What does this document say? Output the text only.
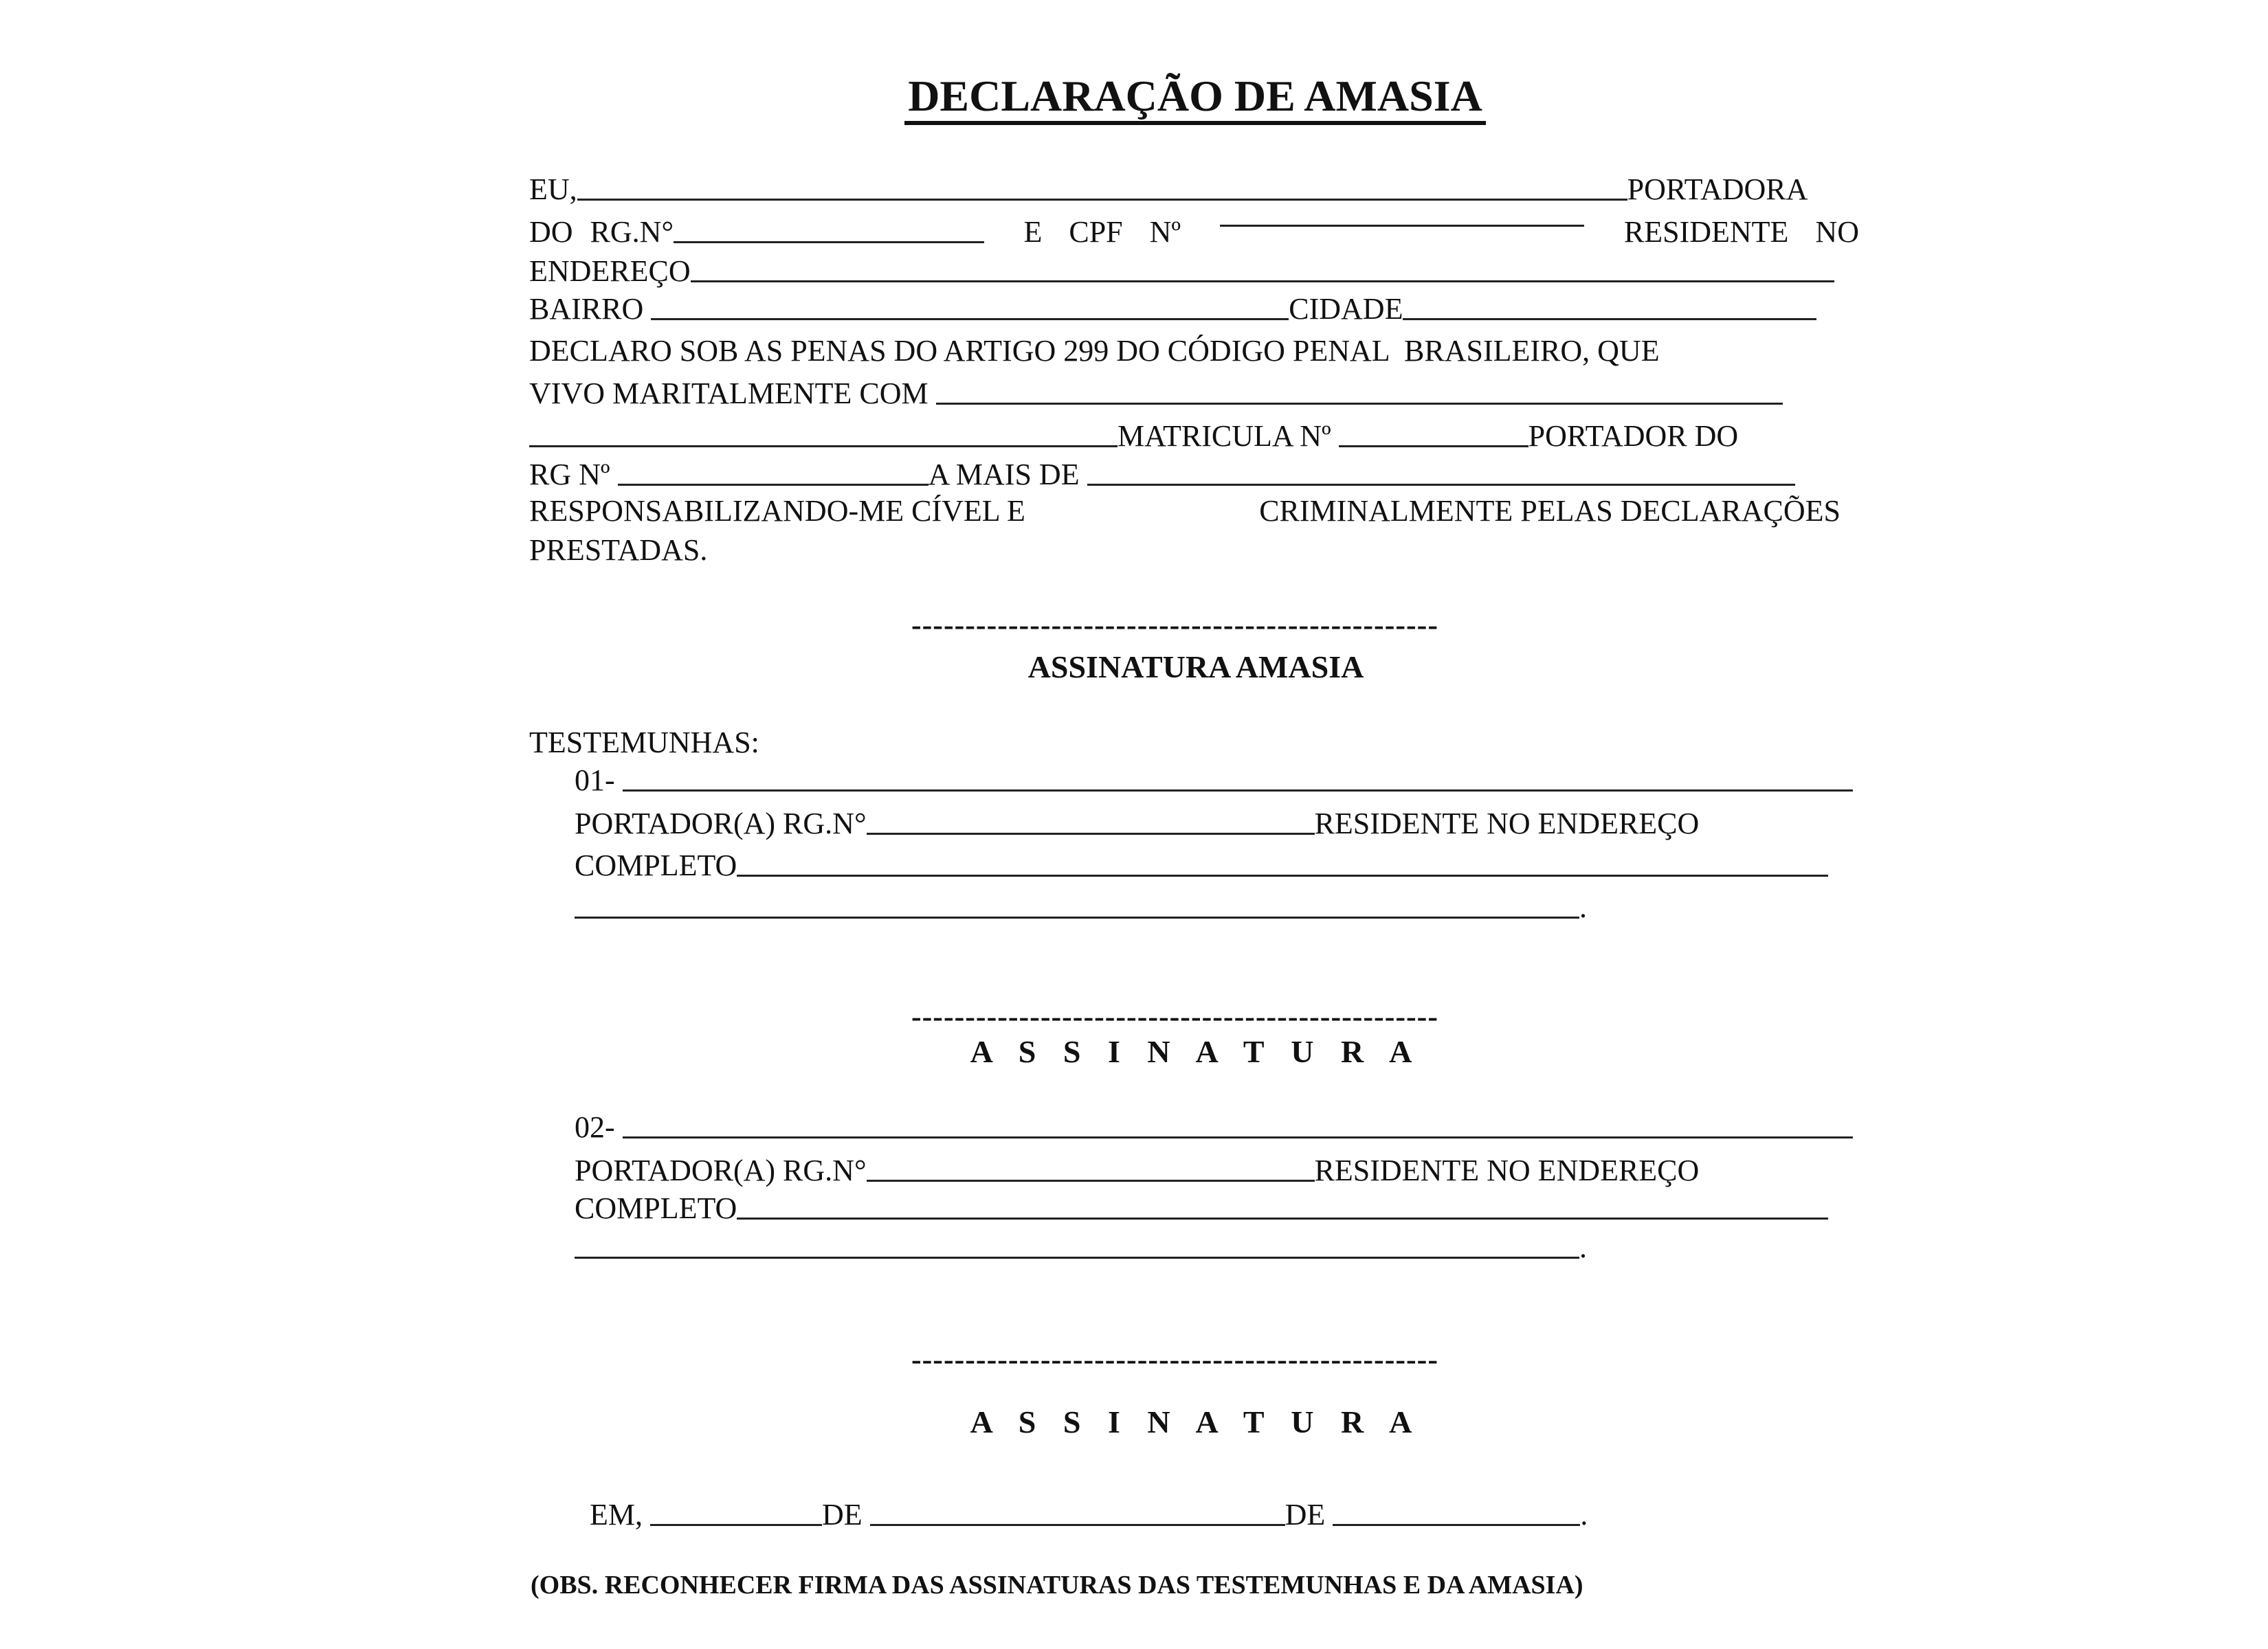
DECLARAÇÃO DE AMASIA
EU,	PORTADORA
DO RG.N°	E CPF Nº	RESIDENTE NO
ENDEREÇO
BAIRRO	CIDADE
DECLARO SOB AS PENAS DO ARTIGO 299 DO CÓDIGO PENAL  BRASILEIRO, QUE
VIVO MARITALMENTE COM
MATRICULA Nº	PORTADOR DO
RG Nº	A MAIS DE
RESPONSABILIZANDO-ME CÍVEL E	CRIMINALMENTE PELAS DECLARAÇÕES
PRESTADAS.
-------------------------------------------------
ASSINATURA AMASIA
TESTEMUNHAS:
01-
PORTADOR(A) RG.N°	RESIDENTE NO ENDEREÇO
COMPLETO
.
-------------------------------------------------
A S S I N A T U R A
02-
PORTADOR(A) RG.N°	RESIDENTE NO ENDEREÇO
COMPLETO
.
-------------------------------------------------
A S S I N A T U R A
EM,	DE	DE	.
(OBS. RECONHECER FIRMA DAS ASSINATURAS DAS TESTEMUNHAS E DA AMASIA)
